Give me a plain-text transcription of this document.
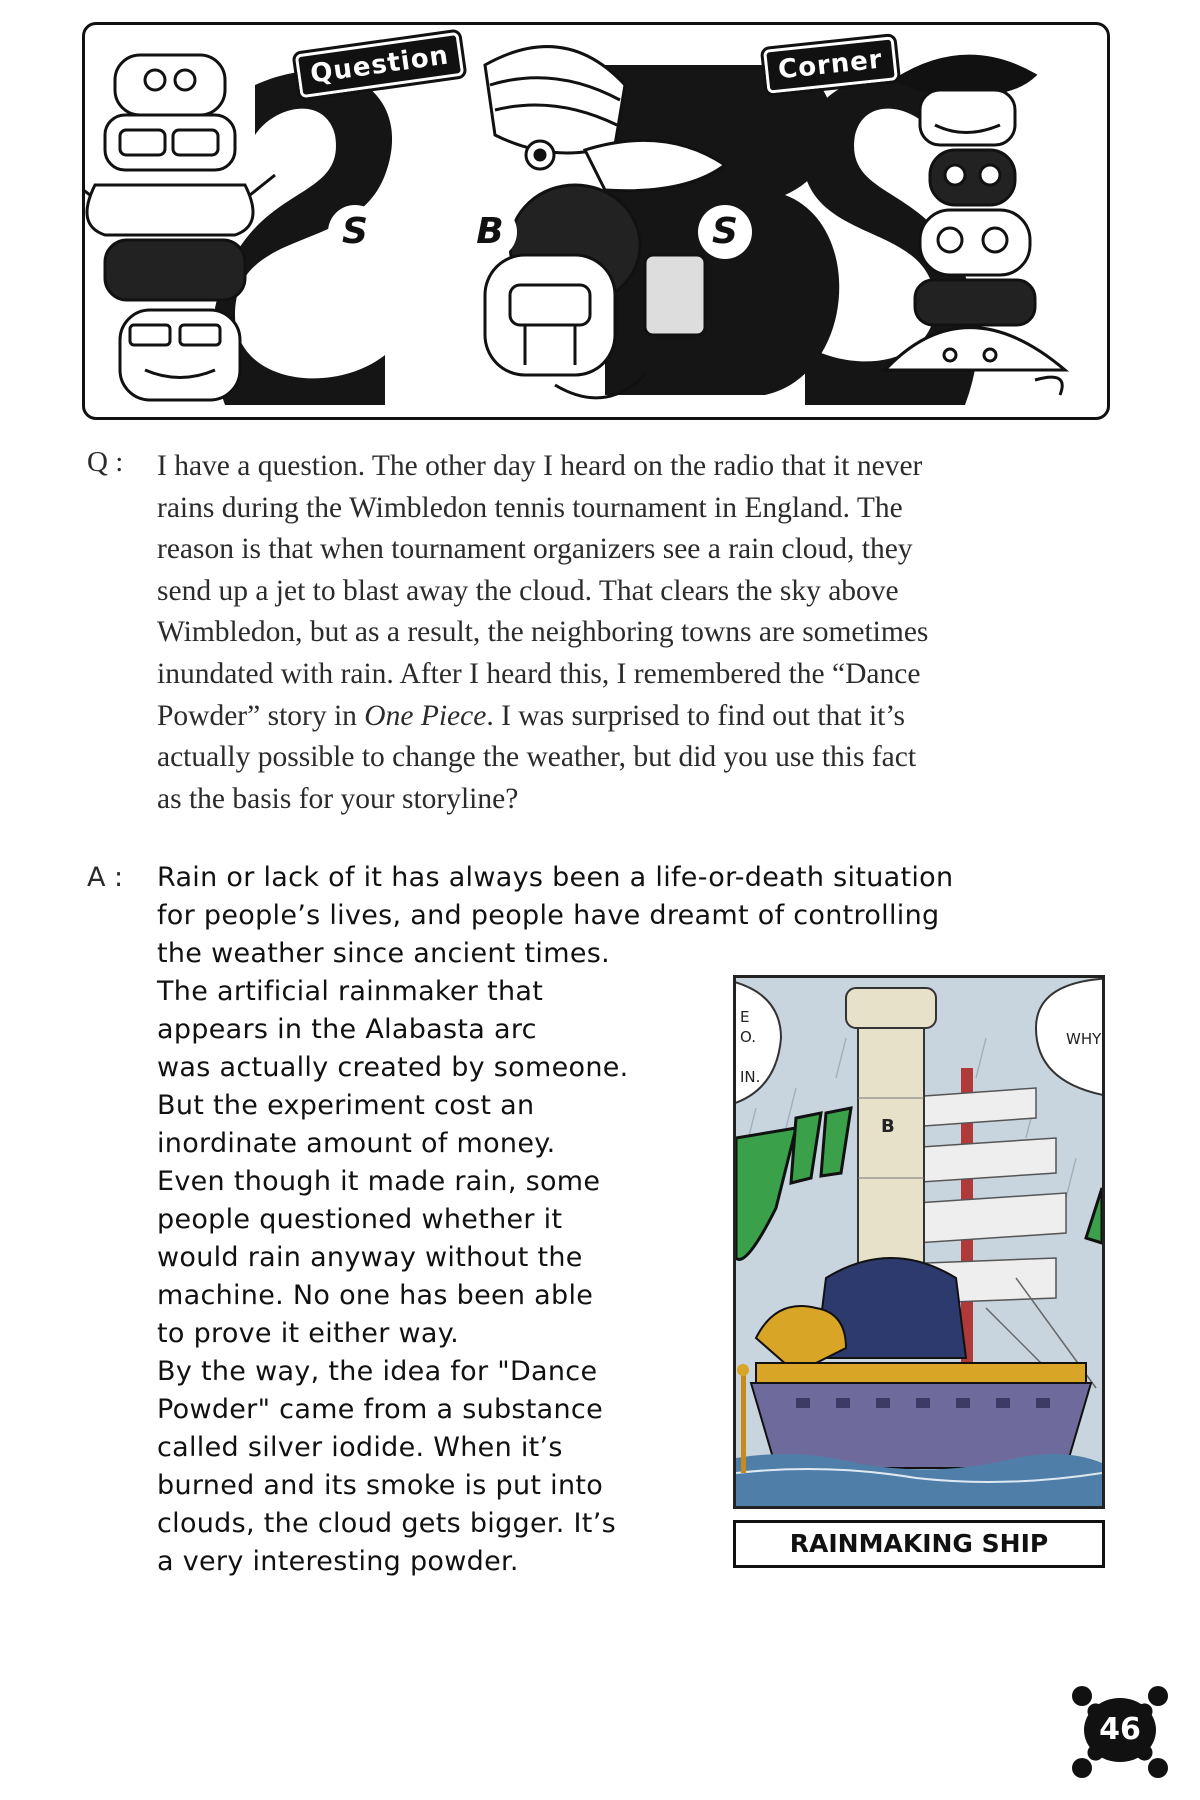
Question	Corner
S	B	S
Q : I have a question. The other day I heard on the radio that it never

rains during the Wimbledon tennis tournament in England. The

reason is that when tournament organizers see a rain cloud, they

send up a jet to blast away the cloud. That clears the sky above

Wimbledon, but as a result, the neighboring towns are sometimes

inundated with rain. After I heard this, I remembered the “Dance

Powder” story in One Piece. I was surprised to find out that it’s

actually possible to change the weather, but did you use this fact

as the basis for your storyline?

A : Rain or lack of it has always been a life-or-death situation

for people’s lives, and people have dreamt of controlling

the weather since ancient times.

The artificial rainmaker that

appears in the Alabasta arc

was actually created by someone.

But the experiment cost an

inordinate amount of money.

Even though it made rain, some

people questioned whether it

would rain anyway without the

machine. No one has been able

to prove it either way.

By the way, the idea for "Dance

Powder" came from a substance

called silver iodide. When it’s

burned and its smoke is put into

clouds, the cloud gets bigger. It’s

a very interesting powder.

WHY
E
O.
IN.
B
RAINMAKING SHIP
46
